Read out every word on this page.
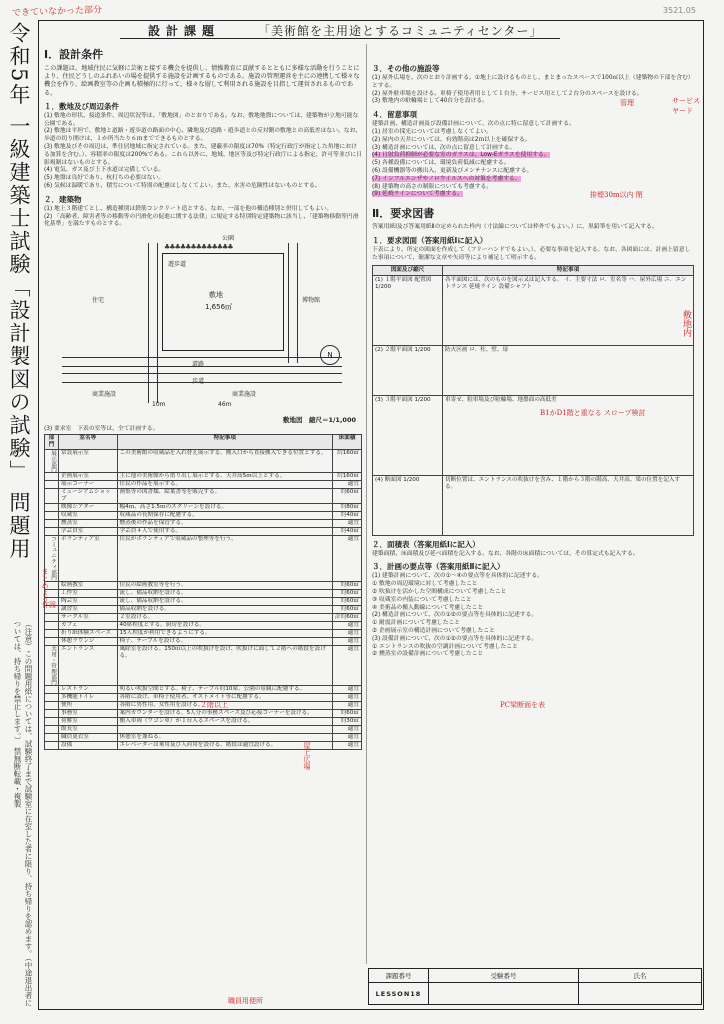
できていなかった部分	3521.05
令和5年 一級建築士試験「設計製図の試験」 問題用
（注意）この問題用紙については、試験終了まで試験室に在室した者に限り、持ち帰りを認めます。（中途退出者については、持ち帰りを禁止します。）　禁無断転載・複製
設計課題	「美術館を主用途とするコミュニティセンター」
Ⅰ．設計条件

この課題は、地域住民に気軽に芸術と接する機会を提供し、情操教育に貢献するとともに多様な活動を行うことにより、住民どうしのふれあいの場を提供する施設を計画するものである。施設の管理運営を主にの連携して様々な機会を作り、絵画教室等の企画も積極的に行って、様々な層して利用される施設を目指して運営されるものである。

１．敷地及び周辺条件

(1) 敷地の形状、接道条件、周辺状況等は、「敷地図」のとおりである。なお、敷地地盤については、建築物が立地可能な公園である。

(2) 敷地は平坦で、敷地と道路・遊歩道の路面の中心、隣地及び道路・遊歩道との反対側の敷地との高低差はない。なお、歩道の切り開けは、１か所当たり６ｍまでできるものとする。

(3) 敷地及びその周辺は、準住居地域に指定されている。また、建蔽率の限度は70%（特定行政庁が指定した角地における加算を含む。）、容積率の限度は200%である。これら以外に、地域、地区等及び特定行政庁による指定、許可等並びに日影規制はないものとする。

(4) 電気、ガス及び上下水道は完備している。

(5) 地盤は良好であり、杭打ちの必要はない。

(6) 気候は温暖であり、積雪について特別の配慮はしなくてよい。また、水害の危険性はないものとする。

２．建築物

(1) 地上３階建てとし、構造種別は鉄筋コンクリート造とする。なお、一部を他の構造種別と併用してもよい。

(2) 「高齢者、障害者等の移動等の円滑化の促進に関する法律」に規定する特別特定建築物に該当し、「建築物移動等円滑化基準」を満たすものとする。

♣♣♣♣♣♣♣♣♣♣♣♣♣
公園
遊歩道
敷地
1,656㎡
住宅	博物館
道路
歩道
商業施設	商業施設
10m	46m
N
敷地図　縮尺＝1/1,000

(3) 要求室　下表の室等は、全て計画する。

部門	室名等	特記事項	床面積
展示部門	常設展示室	この美術館の収蔵品を入れ替え展示する。搬入口から直接搬入できる位置とする。	約160㎡
	企画展示室	主に他の美術館から借り出し展示とする。天井高5ｍ以上とする。	約160㎡
	展示コーナー	住民の作品を展示する。	適宜
	ミュージアムショップ	画集等の図書類、絵葉書等を販売する。	約60㎡
	映像シアター	幅4ｍ、高さ1.5ｍのスクリーンを設ける。	約80㎡
	収蔵室	収蔵品の長期保存に配慮する。	約40㎡
	燻蒸室	燻蒸後の作品を保管する。	適宜
	学芸員室	学芸員４人で使用する。	約40㎡
コミュニティ部門	ボランティア室	住民がボランティアで収蔵品の整理等を行う。	適宜
	絵画教室	住民の絵画教室等を行う。	約60㎡
	工作室	流し、備品収納を設ける。	約60㎡
	陶芸室	流し、備品収納を設ける。	約60㎡
	講習室	備品収納を設ける。	約60㎡
	サークル室	２室設ける。	計約60㎡
	カフェ	40席程度とする。厨房を設ける。	適宜
	折り紙体験スペース	15人程度が利用できるようにする。	適宜
	休憩ラウンジ	椅子、テーブルを設ける。	適宜
共用・管理部門	エントランス	風除室を設ける。150㎡以上の吹抜けを設け、吹抜けに面して２階への階段を設ける。	適宜
	レストラン	明るい吹抜空間とする。椅子、テーブル約10席。公園の景観に配慮する。	適宜
	多機能トイレ	各階に設け、車椅子使用者、オストメイト等に配慮する。	適宜
	便所	各階に男性用、女性用を設ける。	適宜
	事務室	案内カウンターを設ける。5人分の事務スペース及び応接コーナーを設ける。	約60㎡
	荷解室	搬入車両（ワゴン車）が１台入るスペースを設ける。	約30㎡
	館長室		適宜
	職員更衣室	休憩室を兼ねる。	適宜
	設備	エレベーターは乗用及び人荷用を設ける。階段は適宜設ける。	適宜
３．その他の施設等

(1) 屋外広場を、次のとおり計画する。①地上に設けるものとし、まとまったスペースで100㎡以上（建築物の下部を含む）とする。

(2) 屋外駐車場を設ける。車椅子使用者用として１台分、サービス用として２台分のスペースを設ける。

(3) 敷地内の駐輪場として40台分を設ける。

４．留意事項

建築計画、構造計画及び設備計画について、次の点に特に留意して計画する。

(1) 居室の採光については考慮しなくてよい。

(2) 屋内の天井については、有効階高は2ｍ以上を確保する。

(3) 構造計画については、次の点に留意して計画する。

(4) 日射負荷抑制が必要な室のガラスは、Low-Eガラスを使用する。

(5) 各種設備については、環境負荷低減に配慮する。

(6) 設備機器等の搬出入、更新及びメンテナンスに配慮する。

(7) インフルエンザやノロウイルスへの対策を考慮する。

(8) 建築物の高さの制限についても考慮する。

(9) 延焼ラインについて考慮する。

Ⅱ．要求図書

答案用紙Ⅰ及び答案用紙Ⅱの定められた枠内（寸法線については枠外でもよい。）に、黒鉛筆を用いて記入する。

１．要求図面（答案用紙Ⅰに記入）

下表により、所定の図面を作成して（フリーハンドでもよい。）、必要な事項を記入する。なお、各図面には、計画上留意した事項について、簡潔な文章や矢印等により補足して明示する。

図面及び縮尺	特記事項
(1) １階平面図 配置図 1/200	各平面図には、次のものを図示又は記入する。 イ．主要寸法 ロ．室名等 ハ．屋外広場 ニ．エントランス 延焼ライン 設備シャフト
(2) ２階平面図 1/200	防火区画 ロ．柱、壁、扉
(3) ３階平面図 1/200	車寄せ、駐車場及び駐輪場、地盤面の高低差
(4) 断面図 1/200	切断位置は、エントランスの吹抜けを含み、１階から３階の階高、天井高、梁の位置を記入する。
２．面積表（答案用紙Ⅰに記入）

建築面積、床面積及び延べ面積を記入する。なお、各階の床面積については、その算定式も記入する。

３．計画の要点等（答案用紙Ⅱに記入）

(1) 建築計画について、次の①〜④の要点等を具体的に記述する。

① 敷地の周辺環境に対して考慮したこと

② 吹抜けを活かした空間構成について考慮したこと

③ 収蔵室の内装について考慮したこと

④ 美術品の搬入動線について考慮したこと

(2) 構造計画について、次の①②の要点等を具体的に記述する。

① 耐震計画について考慮したこと

② 企画展示室の構造計画について考慮したこと

(3) 設備計画について、次の①②の要点等を具体的に記述する。

① エントランスの吹抜の空調計画について考慮したこと

② 燻蒸室の設備計画について考慮したこと

課題番号	受験番号	氏名
LESSON18		
管理	サービス ヤード
排煙30m以内 閉
B1かD1階と重なる スロープ検討
敷地内
まとめよう
作図
PC梁断面を表
２階以上
屋上広場
職員用便所
